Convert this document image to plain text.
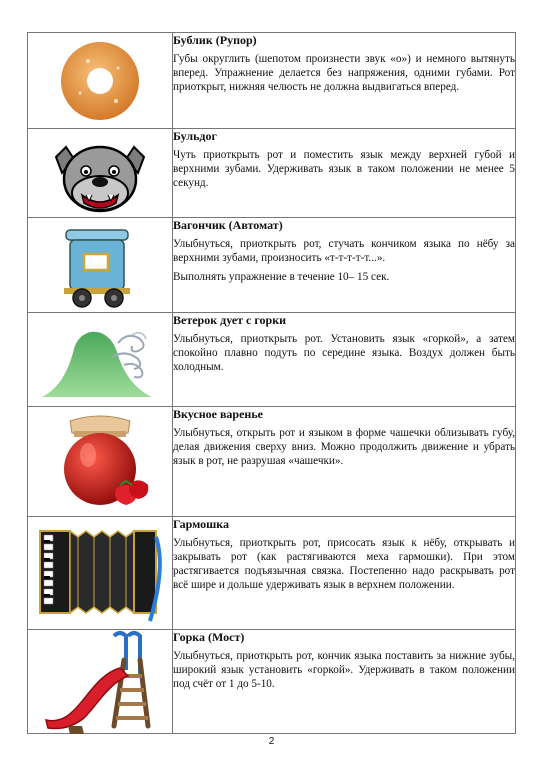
Бублик (Рупор)

Губы округлить (шепотом произнести звук «о») и немного вытянуть вперед. Упражнение делается без напряжения, одними губами. Рот приоткрыт, нижняя челюсть не должна выдвигаться вперед.

Бульдог

Чуть приоткрыть рот и поместить язык между верхней губой и верхними зубами. Удерживать язык в таком положении не менее 5 секунд.

Вагончик (Автомат)

Улыбнуться, приоткрыть рот, стучать кончиком языка по нёбу за верхними зубами, произносить «т-т-т-т-т...».

Выполнять упражнение в течение 10– 15 сек.

Ветерок дует с горки

Улыбнуться, приоткрыть рот. Установить язык «горкой», а затем спокойно плавно подуть по середине языка. Воздух должен быть холодным.

Вкусное варенье

Улыбнуться, открыть рот и языком в форме чашечки облизывать губу, делая движения сверху вниз. Можно продолжить движение и убрать язык в рот, не разрушая «чашечки».

Гармошка

Улыбнуться, приоткрыть рот, присосать язык к нёбу, открывать и закрывать рот (как растягиваются меха гармошки). При этом растягивается подъязычная связка. Постепенно надо раскрывать рот всё шире и дольше удерживать язык в верхнем положении.

Горка (Мост)

Улыбнуться, приоткрыть рот, кончик языка поставить за нижние зубы, широкий язык установить «горкой». Удерживать в таком положении под счёт от 1 до 5-10.

2
